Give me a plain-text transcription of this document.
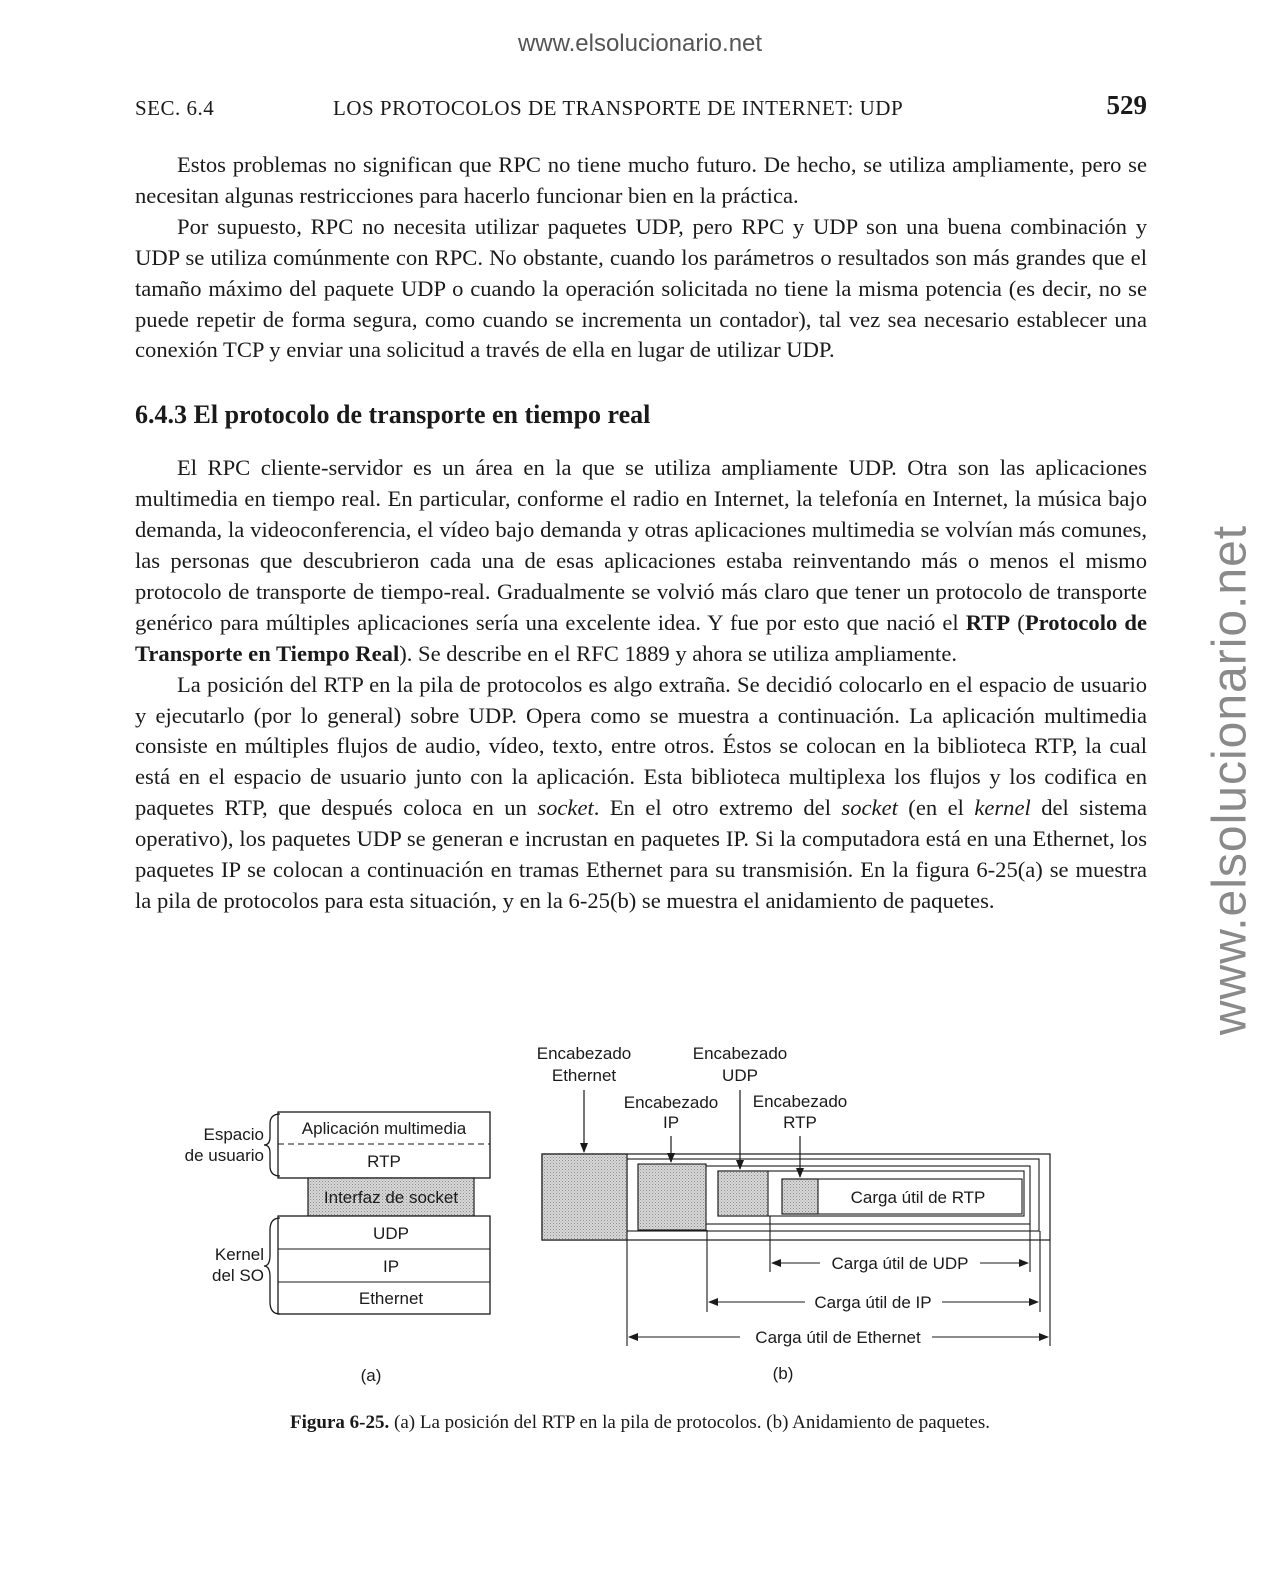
www.elsolucionario.net
www.elsolucionario.net
SEC. 6.4	LOS PROTOCOLOS DE TRANSPORTE DE INTERNET: UDP	529

Estos problemas no significan que RPC no tiene mucho futuro. De hecho, se utiliza ampliamente, pero se necesitan algunas restricciones para hacerlo funcionar bien en la práctica.

Por supuesto, RPC no necesita utilizar paquetes UDP, pero RPC y UDP son una buena combinación y UDP se utiliza comúnmente con RPC. No obstante, cuando los parámetros o resultados son más grandes que el tamaño máximo del paquete UDP o cuando la operación solicitada no tiene la misma potencia (es decir, no se puede repetir de forma segura, como cuando se incrementa un contador), tal vez sea necesario establecer una conexión TCP y enviar una solicitud a través de ella en lugar de utilizar UDP.

6.4.3 El protocolo de transporte en tiempo real

El RPC cliente-servidor es un área en la que se utiliza ampliamente UDP. Otra son las aplicaciones multimedia en tiempo real. En particular, conforme el radio en Internet, la telefonía en Internet, la música bajo demanda, la videoconferencia, el vídeo bajo demanda y otras aplicaciones multimedia se volvían más comunes, las personas que descubrieron cada una de esas aplicaciones estaba reinventando más o menos el mismo protocolo de transporte de tiempo-real. Gradualmente se volvió más claro que tener un protocolo de transporte genérico para múltiples aplicaciones sería una excelente idea. Y fue por esto que nació el RTP (Protocolo de Transporte en Tiempo Real). Se describe en el RFC 1889 y ahora se utiliza ampliamente.

La posición del RTP en la pila de protocolos es algo extraña. Se decidió colocarlo en el espacio de usuario y ejecutarlo (por lo general) sobre UDP. Opera como se muestra a continuación. La aplicación multimedia consiste en múltiples flujos de audio, vídeo, texto, entre otros. Éstos se colocan en la biblioteca RTP, la cual está en el espacio de usuario junto con la aplicación. Esta biblioteca multiplexa los flujos y los codifica en paquetes RTP, que después coloca en un socket. En el otro extremo del socket (en el kernel del sistema operativo), los paquetes UDP se generan e incrustan en paquetes IP. Si la computadora está en una Ethernet, los paquetes IP se colocan a continuación en tramas Ethernet para su transmisión. En la figura 6-25(a) se muestra la pila de protocolos para esta situación, y en la 6-25(b) se muestra el anidamiento de paquetes.

Aplicación multimedia
RTP
Interfaz de socket
UDP
IP
Ethernet
Espacio
de usuario
Kernel
del SO
(a)
Carga útil de RTP
Encabezado
Ethernet
Encabezado
UDP
Encabezado
IP
Encabezado
RTP
Carga útil de UDP
Carga útil de IP
Carga útil de Ethernet
(b)
Figura 6-25. (a) La posición del RTP en la pila de protocolos. (b) Anidamiento de paquetes.
